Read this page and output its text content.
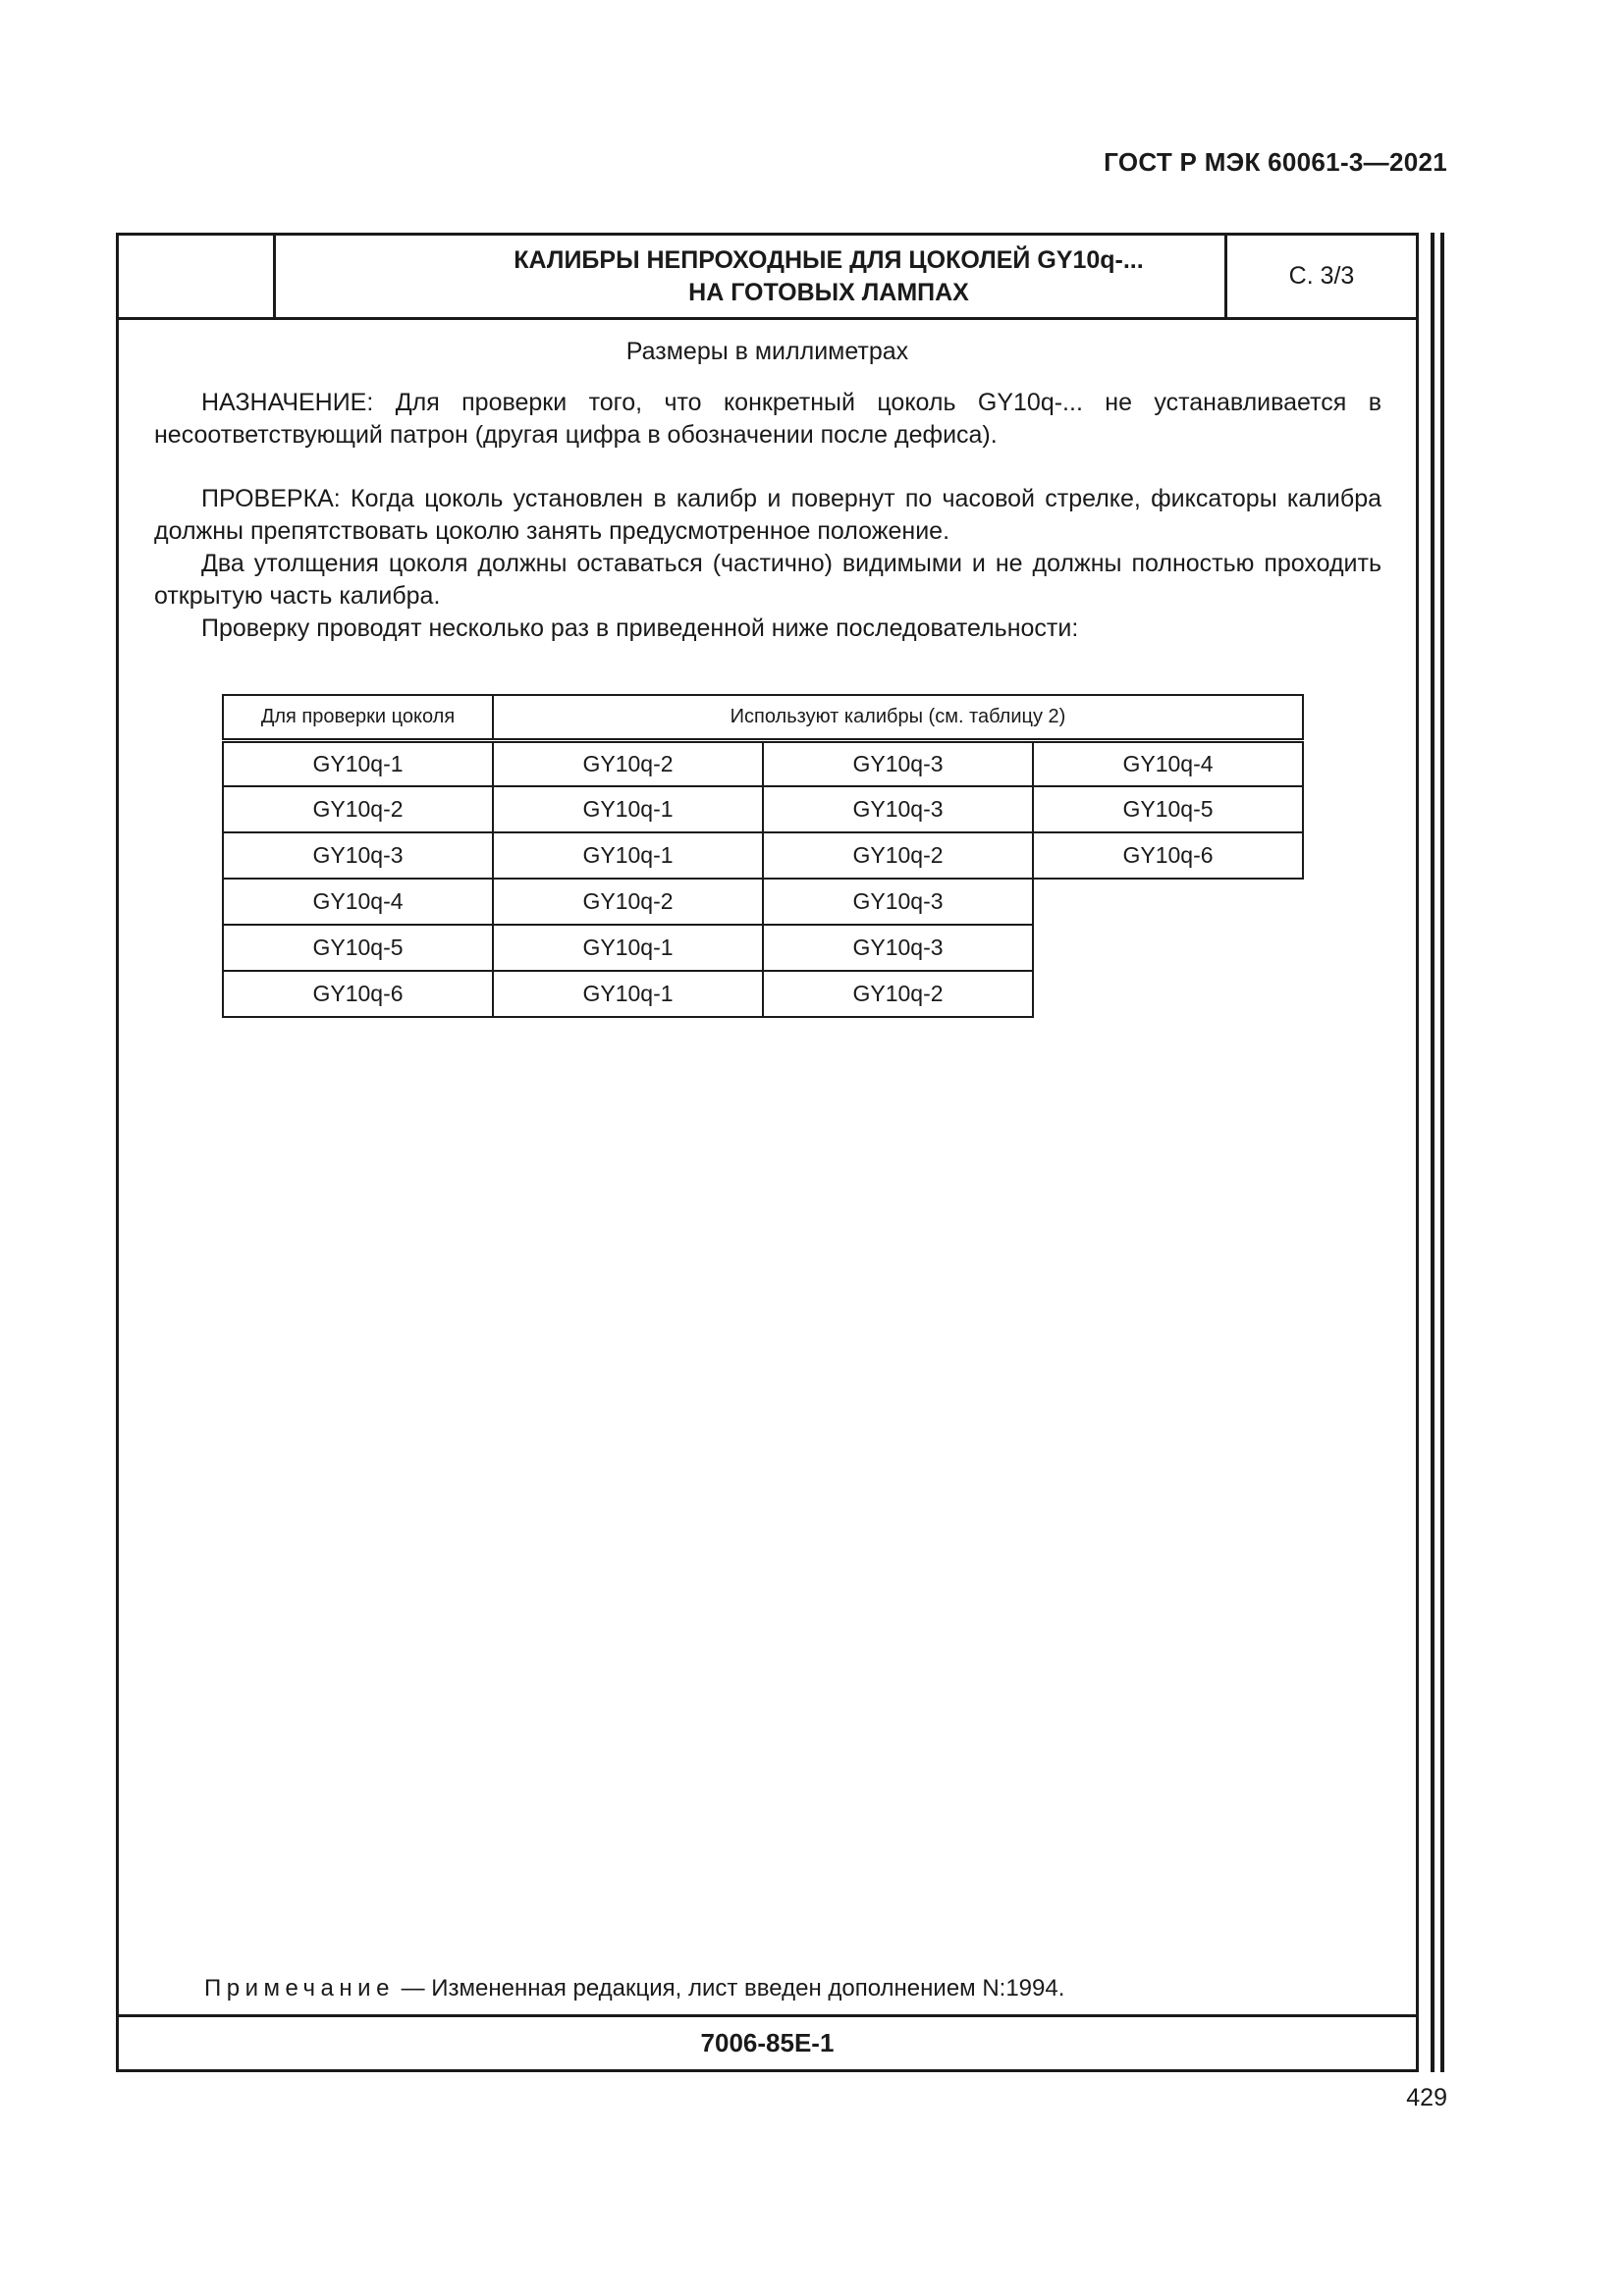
ГОСТ Р МЭК 60061-3—2021
КАЛИБРЫ НЕПРОХОДНЫЕ ДЛЯ ЦОКОЛЕЙ GY10q-...
НА ГОТОВЫХ ЛАМПАХ
С. 3/3
Размеры в миллиметрах
НАЗНАЧЕНИЕ: Для проверки того, что конкретный цоколь GY10q-... не устанавливается в несоответствующий патрон (другая цифра в обозначении после дефиса).
ПРОВЕРКА: Когда цоколь установлен в калибр и повернут по часовой стрелке, фиксаторы калибра должны препятствовать цоколю занять предусмотренное положение.
Два утолщения цоколя должны оставаться (частично) видимыми и не должны полностью проходить открытую часть калибра.
Проверку проводят несколько раз в приведенной ниже последовательности:
Для проверки цоколя	Используют калибры (см. таблицу 2)		
GY10q-1	GY10q-2	GY10q-3	GY10q-4
GY10q-2	GY10q-1	GY10q-3	GY10q-5
GY10q-3	GY10q-1	GY10q-2	GY10q-6
GY10q-4	GY10q-2	GY10q-3	
GY10q-5	GY10q-1	GY10q-3	
GY10q-6	GY10q-1	GY10q-2	
Примечание — Измененная редакция, лист введен дополнением N:1994.
7006-85E-1
429
